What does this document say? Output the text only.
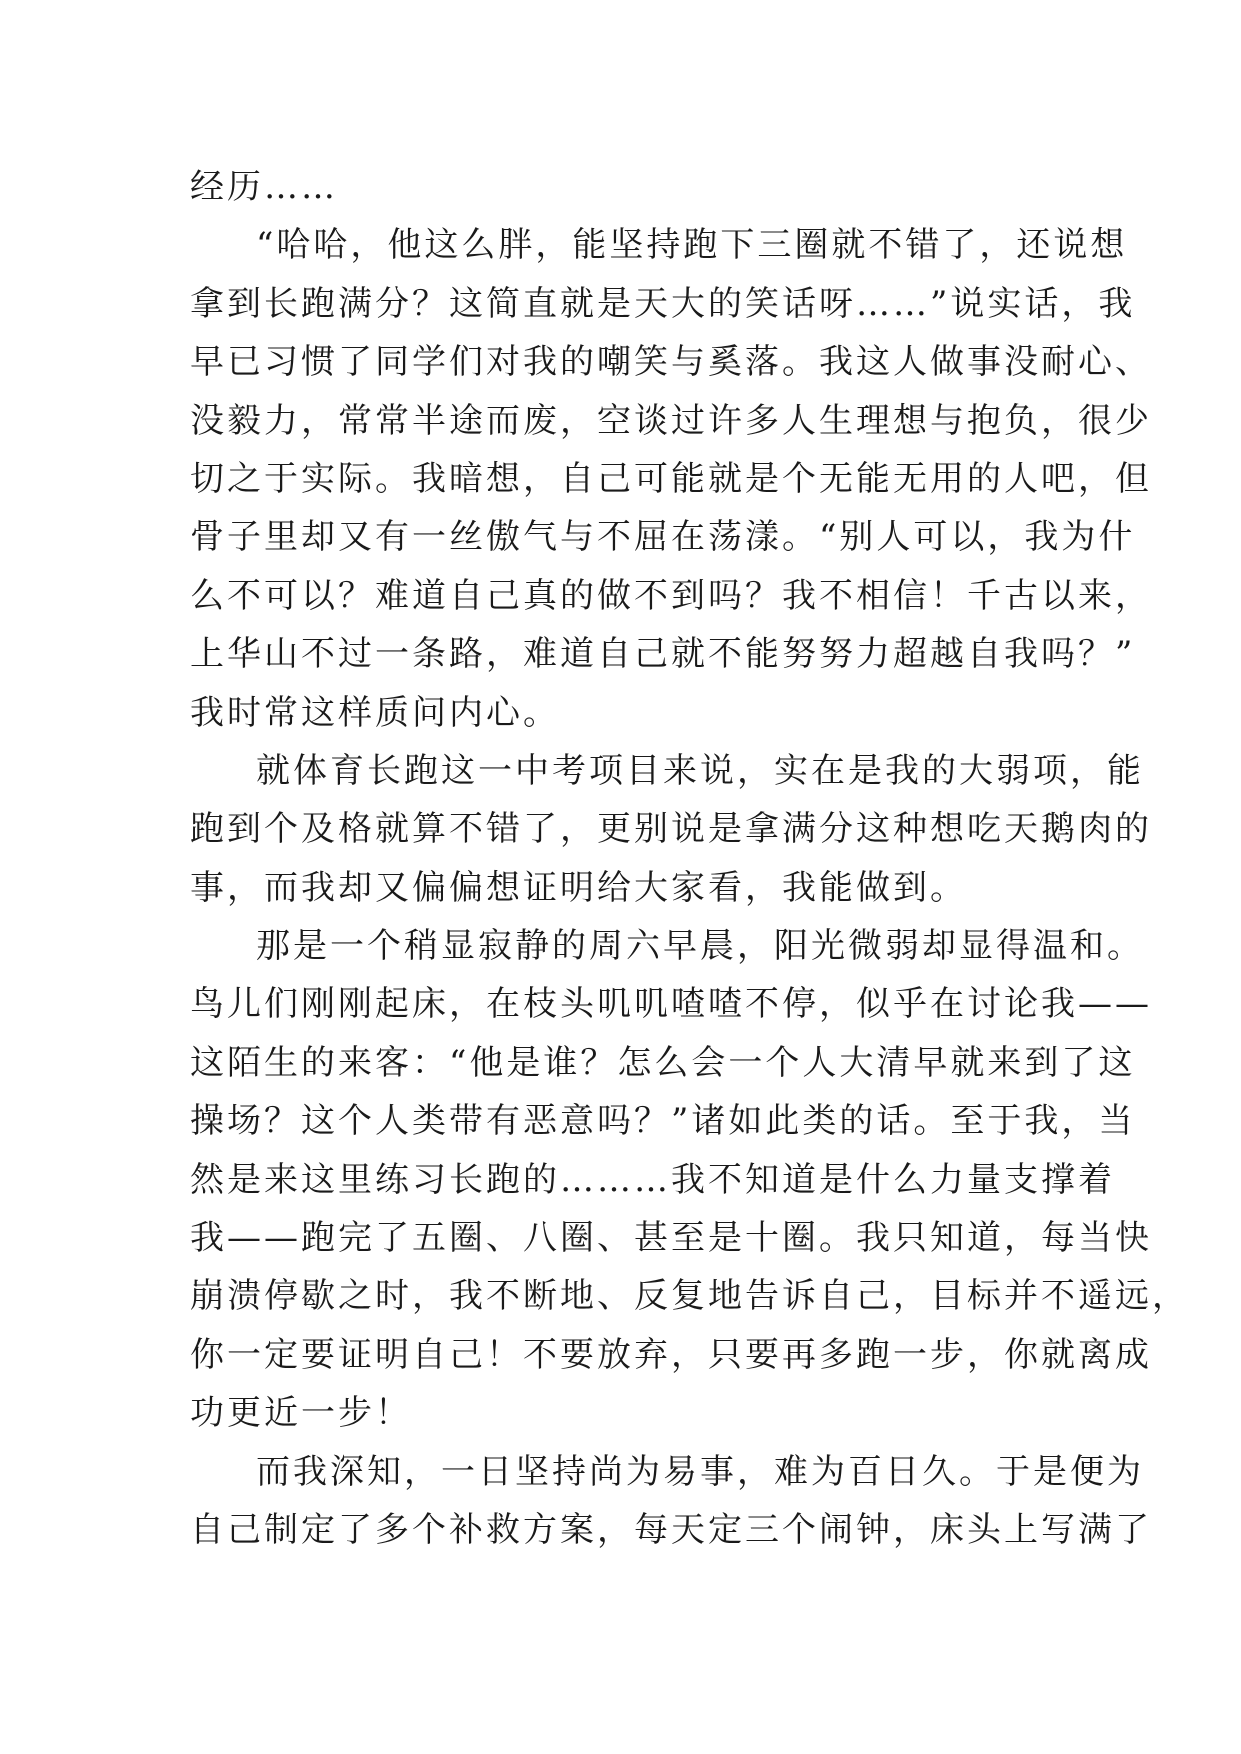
经历……
“哈哈，他这么胖，能坚持跑下三圈就不错了，还说想
拿到长跑满分？这简直就是天大的笑话呀……”说实话，我
早已习惯了同学们对我的嘲笑与奚落。我这人做事没耐心、
没毅力，常常半途而废，空谈过许多人生理想与抱负，很少
切之于实际。我暗想，自己可能就是个无能无用的人吧，但
骨子里却又有一丝傲气与不屈在荡漾。“别人可以，我为什
么不可以？难道自己真的做不到吗？我不相信！千古以来，
上华山不过一条路，难道自己就不能努努力超越自我吗？”
我时常这样质问内心。
就体育长跑这一中考项目来说，实在是我的大弱项，能
跑到个及格就算不错了，更别说是拿满分这种想吃天鹅肉的
事，而我却又偏偏想证明给大家看，我能做到。
那是一个稍显寂静的周六早晨，阳光微弱却显得温和。
鸟儿们刚刚起床，在枝头叽叽喳喳不停，似乎在讨论我——
这陌生的来客：“他是谁？怎么会一个人大清早就来到了这
操场？这个人类带有恶意吗？”诸如此类的话。至于我，当
然是来这里练习长跑的………我不知道是什么力量支撑着
我——跑完了五圈、八圈、甚至是十圈。我只知道，每当快
崩溃停歇之时，我不断地、反复地告诉自己，目标并不遥远，
你一定要证明自己！不要放弃，只要再多跑一步，你就离成
功更近一步！
而我深知，一日坚持尚为易事，难为百日久。于是便为
自己制定了多个补救方案，每天定三个闹钟，床头上写满了
